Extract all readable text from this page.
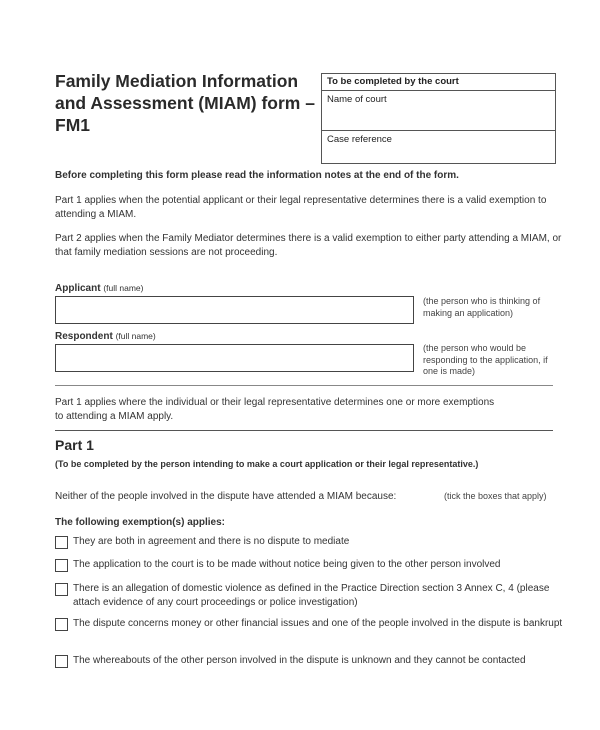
Family Mediation Information and Assessment (MIAM) form – FM1
To be completed by the court
Name of court
Case reference
Before completing this form please read the information notes at the end of the form.
Part 1 applies when the potential applicant or their legal representative determines there is a valid exemption to attending a MIAM.
Part 2 applies when the Family Mediator determines there is a valid exemption to either party attending a MIAM, or that family mediation sessions are not proceeding.
Applicant (full name)
(the person who is thinking of making an application)
Respondent (full name)
(the person who would be responding to the application, if one is made)
Part 1 applies where the individual or their legal representative determines one or more exemptions to attending a MIAM apply.
Part 1
(To be completed by the person intending to make a court application or their legal representative.)
Neither of the people involved in the dispute have attended a MIAM because:	(tick the boxes that apply)
The following exemption(s) applies:
They are both in agreement and there is no dispute to mediate
The application to the court is to be made without notice being given to the other person involved
There is an allegation of domestic violence as defined in the Practice Direction section 3 Annex C, 4 (please attach evidence of any court proceedings or police investigation)
The dispute concerns money or other financial issues and one of the people involved in the dispute is bankrupt
The whereabouts of the other person involved in the dispute is unknown and they cannot be contacted
